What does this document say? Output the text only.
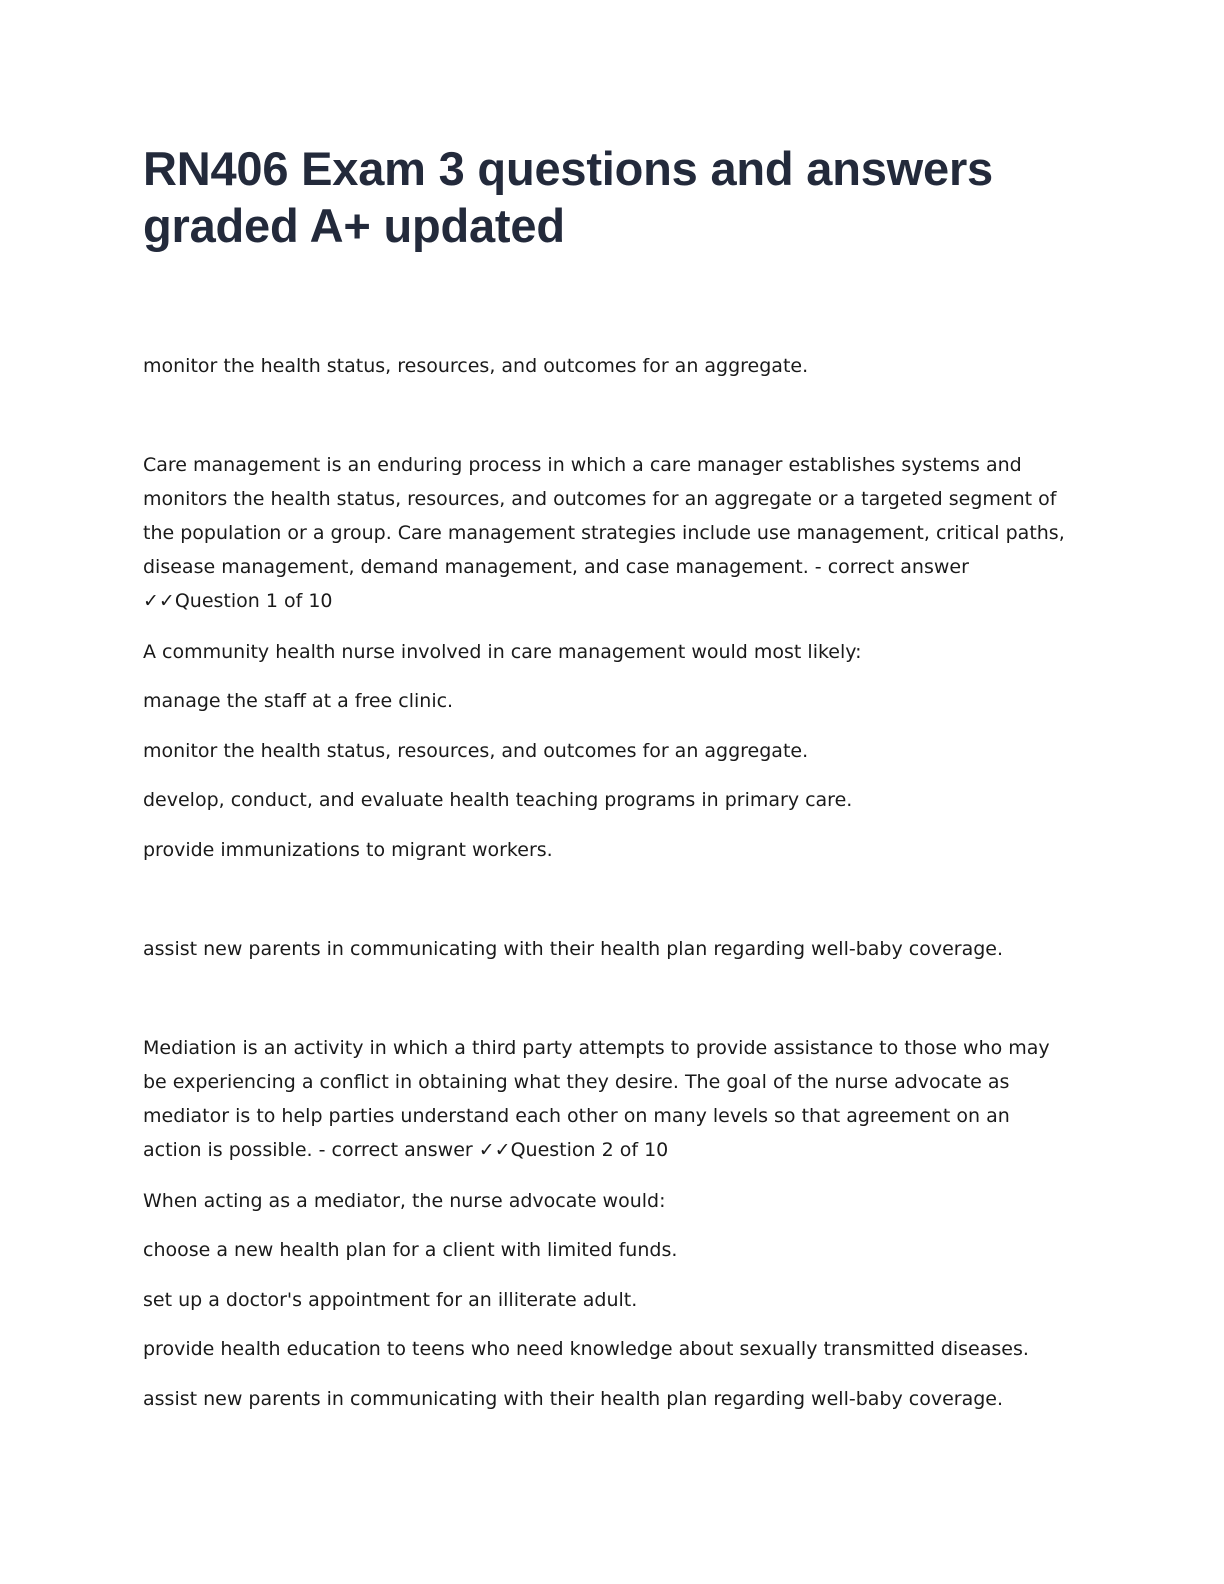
RN406 Exam 3 questions and answers graded A+ updated

monitor the health status, resources, and outcomes for an aggregate.

Care management is an enduring process in which a care manager establishes systems and
monitors the health status, resources, and outcomes for an aggregate or a targeted segment of
the population or a group. Care management strategies include use management, critical paths,
disease management, demand management, and case management. - correct answer
✓✓Question 1 of 10

A community health nurse involved in care management would most likely:

manage the staff at a free clinic.

monitor the health status, resources, and outcomes for an aggregate.

develop, conduct, and evaluate health teaching programs in primary care.

provide immunizations to migrant workers.

assist new parents in communicating with their health plan regarding well-baby coverage.

Mediation is an activity in which a third party attempts to provide assistance to those who may
be experiencing a conflict in obtaining what they desire. The goal of the nurse advocate as
mediator is to help parties understand each other on many levels so that agreement on an
action is possible. - correct answer ✓✓Question 2 of 10

When acting as a mediator, the nurse advocate would:

choose a new health plan for a client with limited funds.

set up a doctor's appointment for an illiterate adult.

provide health education to teens who need knowledge about sexually transmitted diseases.

assist new parents in communicating with their health plan regarding well-baby coverage.
